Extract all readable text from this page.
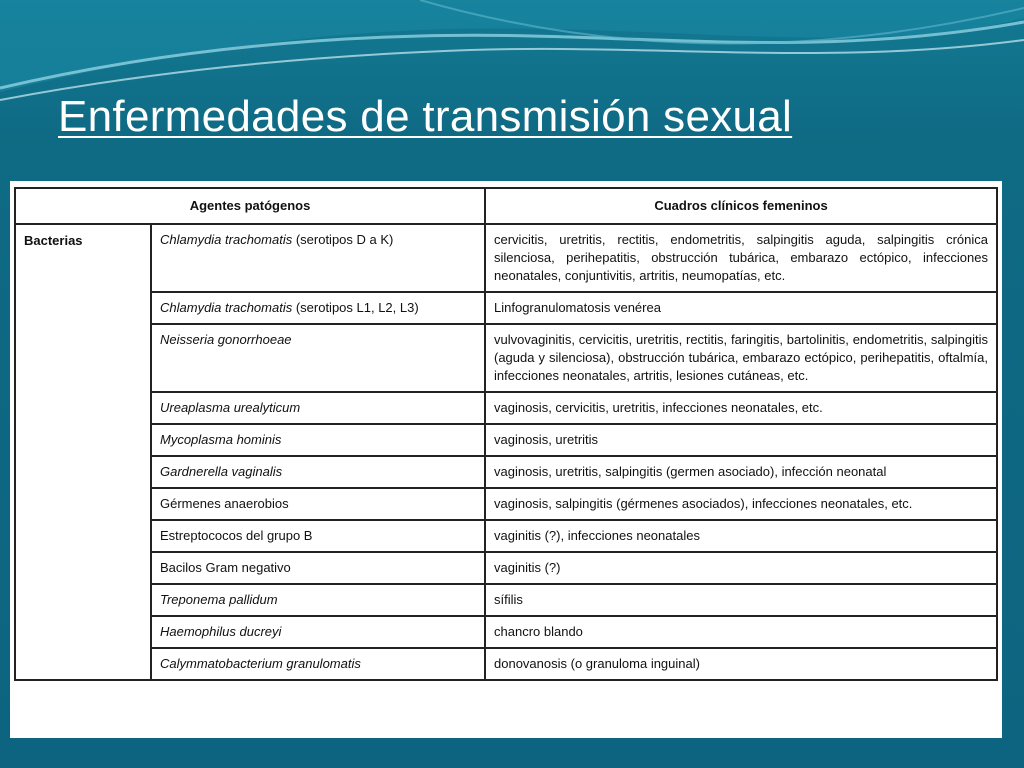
Enfermedades de transmisión sexual
Agentes patógenos		Cuadros clínicos femeninos
Bacterias	Chlamydia trachomatis (serotipos D a K)	cervicitis, uretritis, rectitis, endometritis, salpingitis aguda, salpingitis crónica silenciosa, perihepatitis, obstrucción tubárica, embarazo ectópico, infecciones neonatales, conjuntivitis, artritis, neumopatías, etc.

	Chlamydia trachomatis (serotipos L1, L2, L3)	Linfogranulomatosis venérea

	Neisseria gonorrhoeae	vulvovaginitis, cervicitis, uretritis, rectitis, faringitis, bartolinitis, endometritis, salpingitis (aguda y silenciosa), obstrucción tubárica, embarazo ectópico, perihepatitis, oftalmía, infecciones neonatales, artritis, lesiones cutáneas, etc.

	Ureaplasma urealyticum	vaginosis, cervicitis, uretritis, infecciones neonatales, etc.

	Mycoplasma hominis	vaginosis, uretritis

	Gardnerella vaginalis	vaginosis, uretritis, salpingitis (germen asociado), infección neonatal

	Gérmenes anaerobios	vaginosis, salpingitis (gérmenes asociados), infecciones neonatales, etc.

	Estreptococos del grupo B	vaginitis (?), infecciones neonatales

	Bacilos Gram negativo	vaginitis (?)

	Treponema pallidum	sífilis

	Haemophilus ducreyi	chancro blando

	Calymmatobacterium granulomatis	donovanosis (o granuloma inguinal)
